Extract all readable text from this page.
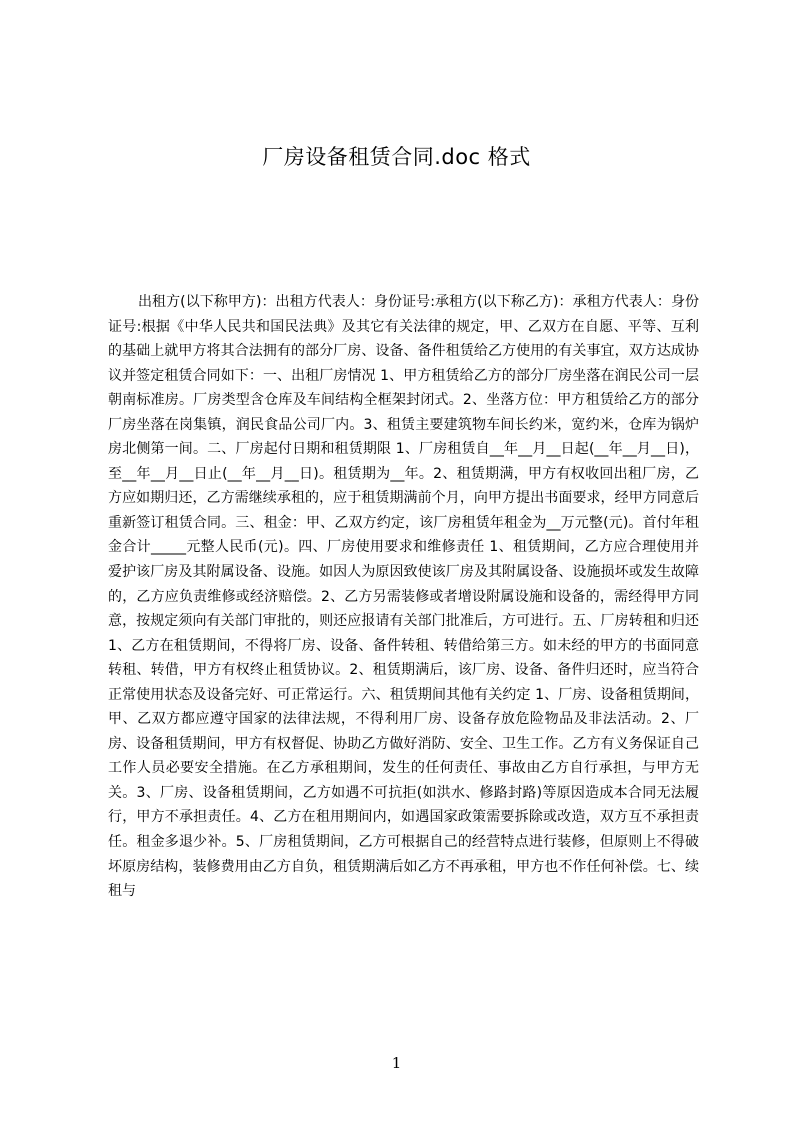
厂房设备租赁合同.doc 格式

出租方(以下称甲方)：出租方代表人：身份证号:承租方(以下称乙方)：承租方代表人：身份证号:根据《中华人民共和国民法典》及其它有关法律的规定，甲、乙双方在自愿、平等、互利的基础上就甲方将其合法拥有的部分厂房、设备、备件租赁给乙方使用的有关事宜，双方达成协议并签定租赁合同如下：一、出租厂房情况 1、甲方租赁给乙方的部分厂房坐落在润民公司一层朝南标准房。厂房类型含仓库及车间结构全框架封闭式。2、坐落方位：甲方租赁给乙方的部分厂房坐落在岗集镇，润民食品公司厂内。3、租赁主要建筑物车间长约米，宽约米，仓库为锅炉房北侧第一间。二、厂房起付日期和租赁期限 1、厂房租赁自__年__月__日起(__年__月__日)，至__年__月__日止(__年__月__日)。租赁期为__年。2、租赁期满，甲方有权收回出租厂房，乙方应如期归还，乙方需继续承租的，应于租赁期满前个月，向甲方提出书面要求，经甲方同意后重新签订租赁合同。三、租金：甲、乙双方约定，该厂房租赁年租金为__万元整(元)。首付年租金合计_____元整人民币(元)。四、厂房使用要求和维修责任 1、租赁期间，乙方应合理使用并爱护该厂房及其附属设备、设施。如因人为原因致使该厂房及其附属设备、设施损坏或发生故障的，乙方应负责维修或经济赔偿。2、乙方另需装修或者增设附属设施和设备的，需经得甲方同意，按规定须向有关部门审批的，则还应报请有关部门批准后，方可进行。五、厂房转租和归还 1、乙方在租赁期间，不得将厂房、设备、备件转租、转借给第三方。如未经的甲方的书面同意转租、转借，甲方有权终止租赁协议。2、租赁期满后，该厂房、设备、备件归还时，应当符合正常使用状态及设备完好、可正常运行。六、租赁期间其他有关约定 1、厂房、设备租赁期间，甲、乙双方都应遵守国家的法律法规，不得利用厂房、设备存放危险物品及非法活动。2、厂房、设备租赁期间，甲方有权督促、协助乙方做好消防、安全、卫生工作。乙方有义务保证自己工作人员必要安全措施。在乙方承租期间，发生的任何责任、事故由乙方自行承担，与甲方无关。3、厂房、设备租赁期间，乙方如遇不可抗拒(如洪水、修路封路)等原因造成本合同无法履行，甲方不承担责任。4、乙方在租用期间内，如遇国家政策需要拆除或改造，双方互不承担责任。租金多退少补。5、厂房租赁期间，乙方可根据自己的经营特点进行装修，但原则上不得破坏原房结构，装修费用由乙方自负，租赁期满后如乙方不再承租，甲方也不作任何补偿。七、续租与

1
